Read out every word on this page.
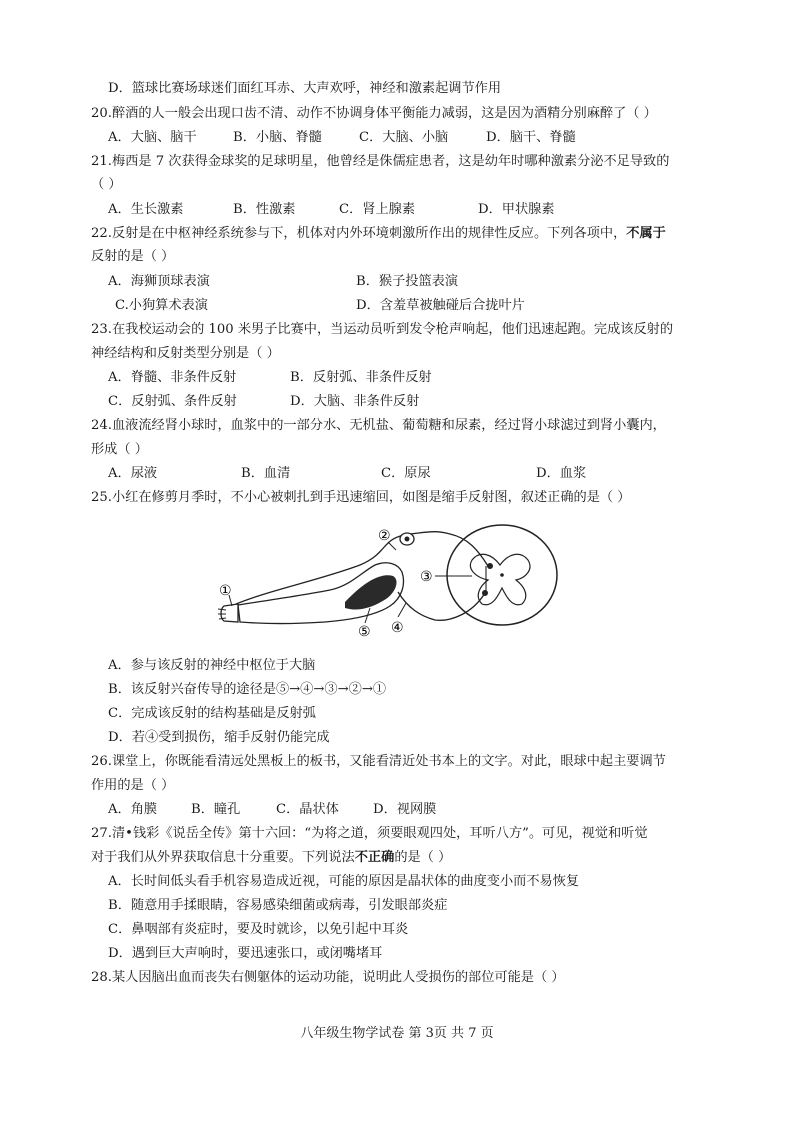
D．篮球比赛场球迷们面红耳赤、大声欢呼，神经和激素起调节作用
20.醉酒的人一般会出现口齿不清、动作不协调身体平衡能力减弱，这是因为酒精分别麻醉了（ ）
A．大脑、脑干	B．小脑、脊髓	C．大脑、小脑	D．脑干、脊髓
21.梅西是 7 次获得金球奖的足球明星，他曾经是侏儒症患者，这是幼年时哪种激素分泌不足导致的
（ ）
A．生长激素	B．性激素	C．肾上腺素	D．甲状腺素
22.反射是在中枢神经系统参与下，机体对内外环境刺激所作出的规律性反应。下列各项中，不属于
反射的是（ ）
A．海狮顶球表演	B．猴子投篮表演
C.小狗算术表演	D．含羞草被触碰后合拢叶片
23.在我校运动会的 100 米男子比赛中，当运动员听到发令枪声响起，他们迅速起跑。完成该反射的
神经结构和反射类型分别是（ ）
A．脊髓、非条件反射	B．反射弧、非条件反射
C．反射弧、条件反射	D．大脑、非条件反射
24.血液流经肾小球时，血浆中的一部分水、无机盐、葡萄糖和尿素，经过肾小球滤过到肾小囊内，
形成（ ）
A．尿液	B．血清	C．原尿	D．血浆
25.小红在修剪月季时，不小心被刺扎到手迅速缩回，如图是缩手反射图，叙述正确的是（ ）
①
②
③
④
⑤
A．参与该反射的神经中枢位于大脑
B．该反射兴奋传导的途径是⑤→④→③→②→①
C．完成该反射的结构基础是反射弧
D．若④受到损伤，缩手反射仍能完成
26.课堂上，你既能看清远处黑板上的板书，又能看清近处书本上的文字。对此，眼球中起主要调节
作用的是（ ）
A．角膜	B．瞳孔	C．晶状体	D．视网膜
27.清•钱彩《说岳全传》第十六回：“为将之道，须要眼观四处，耳听八方”。可见，视觉和听觉
对于我们从外界获取信息十分重要。下列说法不正确的是（ ）
A．长时间低头看手机容易造成近视，可能的原因是晶状体的曲度变小而不易恢复
B．随意用手揉眼睛，容易感染细菌或病毒，引发眼部炎症
C．鼻咽部有炎症时，要及时就诊，以免引起中耳炎
D．遇到巨大声响时，要迅速张口，或闭嘴堵耳
28.某人因脑出血而丧失右侧躯体的运动功能，说明此人受损伤的部位可能是（ ）
八年级生物学试卷 第 3页 共 7 页
